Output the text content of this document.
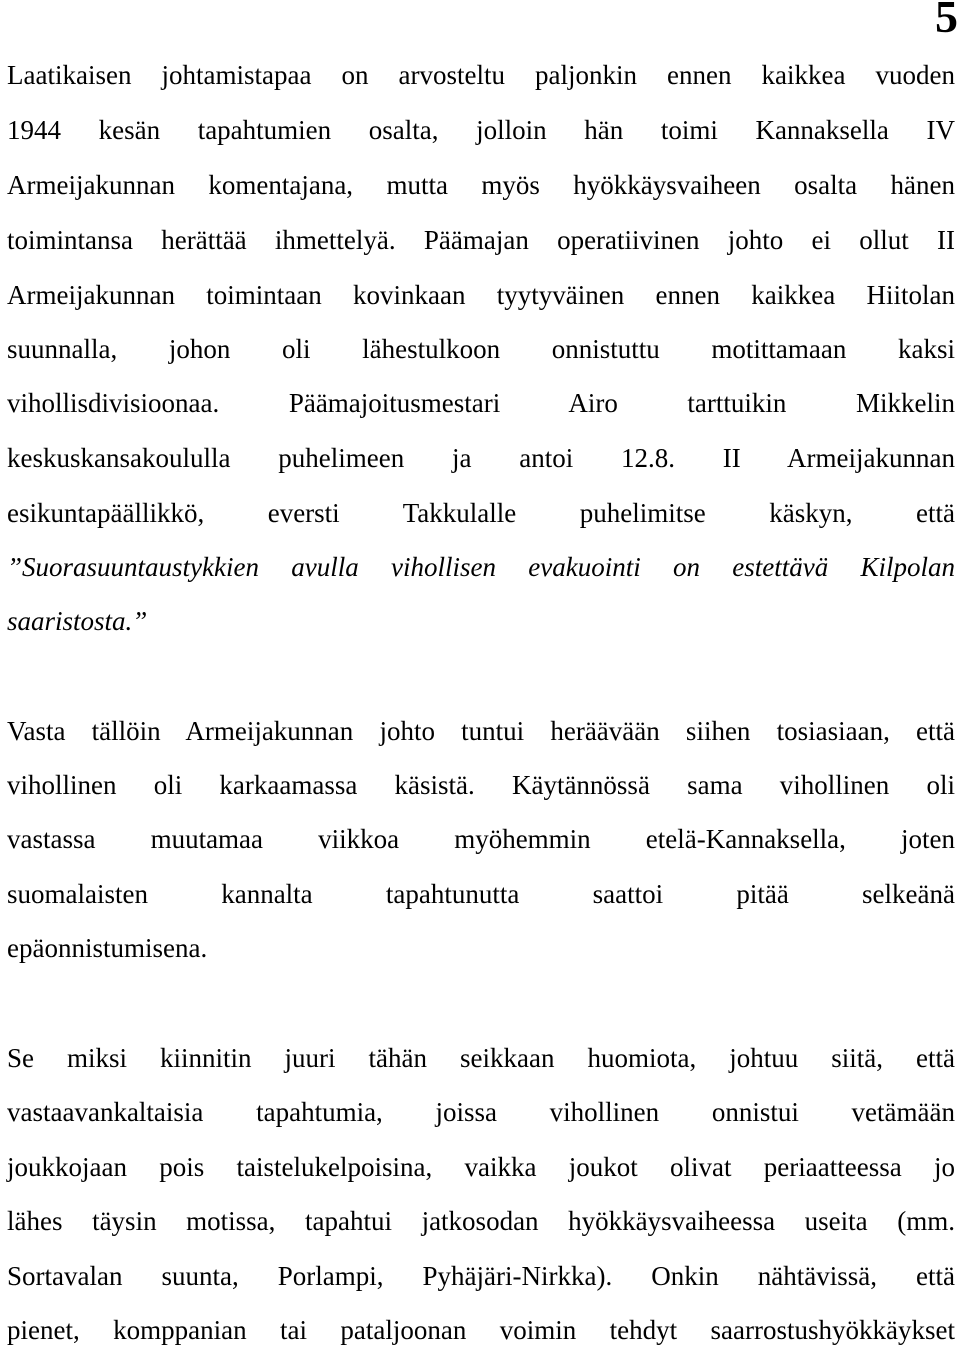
5

Laatikaisen johtamistapaa on arvosteltu paljonkin ennen kaikkea vuoden

1944 kesän tapahtumien osalta, jolloin hän toimi Kannaksella IV

Armeijakunnan komentajana, mutta myös hyökkäysvaiheen osalta hänen

toimintansa herättää ihmettelyä. Päämajan operatiivinen johto ei ollut II

Armeijakunnan toimintaan kovinkaan tyytyväinen ennen kaikkea Hiitolan

suunnalla, johon oli lähestulkoon onnistuttu motittamaan kaksi

vihollisdivisioonaa. Päämajoitusmestari Airo tarttuikin Mikkelin

keskuskansakoululla puhelimeen ja antoi 12.8. II Armeijakunnan

esikuntapäällikkö, eversti Takkulalle puhelimitse käskyn, että

”Suorasuuntaustykkien avulla vihollisen evakuointi on estettävä Kilpolan

saaristosta.”

Vasta tällöin Armeijakunnan johto tuntui heräävään siihen tosiasiaan, että

vihollinen oli karkaamassa käsistä. Käytännössä sama vihollinen oli

vastassa muutamaa viikkoa myöhemmin etelä-Kannaksella, joten

suomalaisten kannalta tapahtunutta saattoi pitää selkeänä

epäonnistumisena.

Se miksi kiinnitin juuri tähän seikkaan huomiota, johtuu siitä, että

vastaavankaltaisia tapahtumia, joissa vihollinen onnistui vetämään

joukkojaan pois taistelukelpoisina, vaikka joukot olivat periaatteessa jo

lähes täysin motissa, tapahtui jatkosodan hyökkäysvaiheessa useita (mm.

Sortavalan suunta, Porlampi, Pyhäjäri-Nirkka). Onkin nähtävissä, että

pienet, komppanian tai pataljoonan voimin tehdyt saarrostushyökkäykset
